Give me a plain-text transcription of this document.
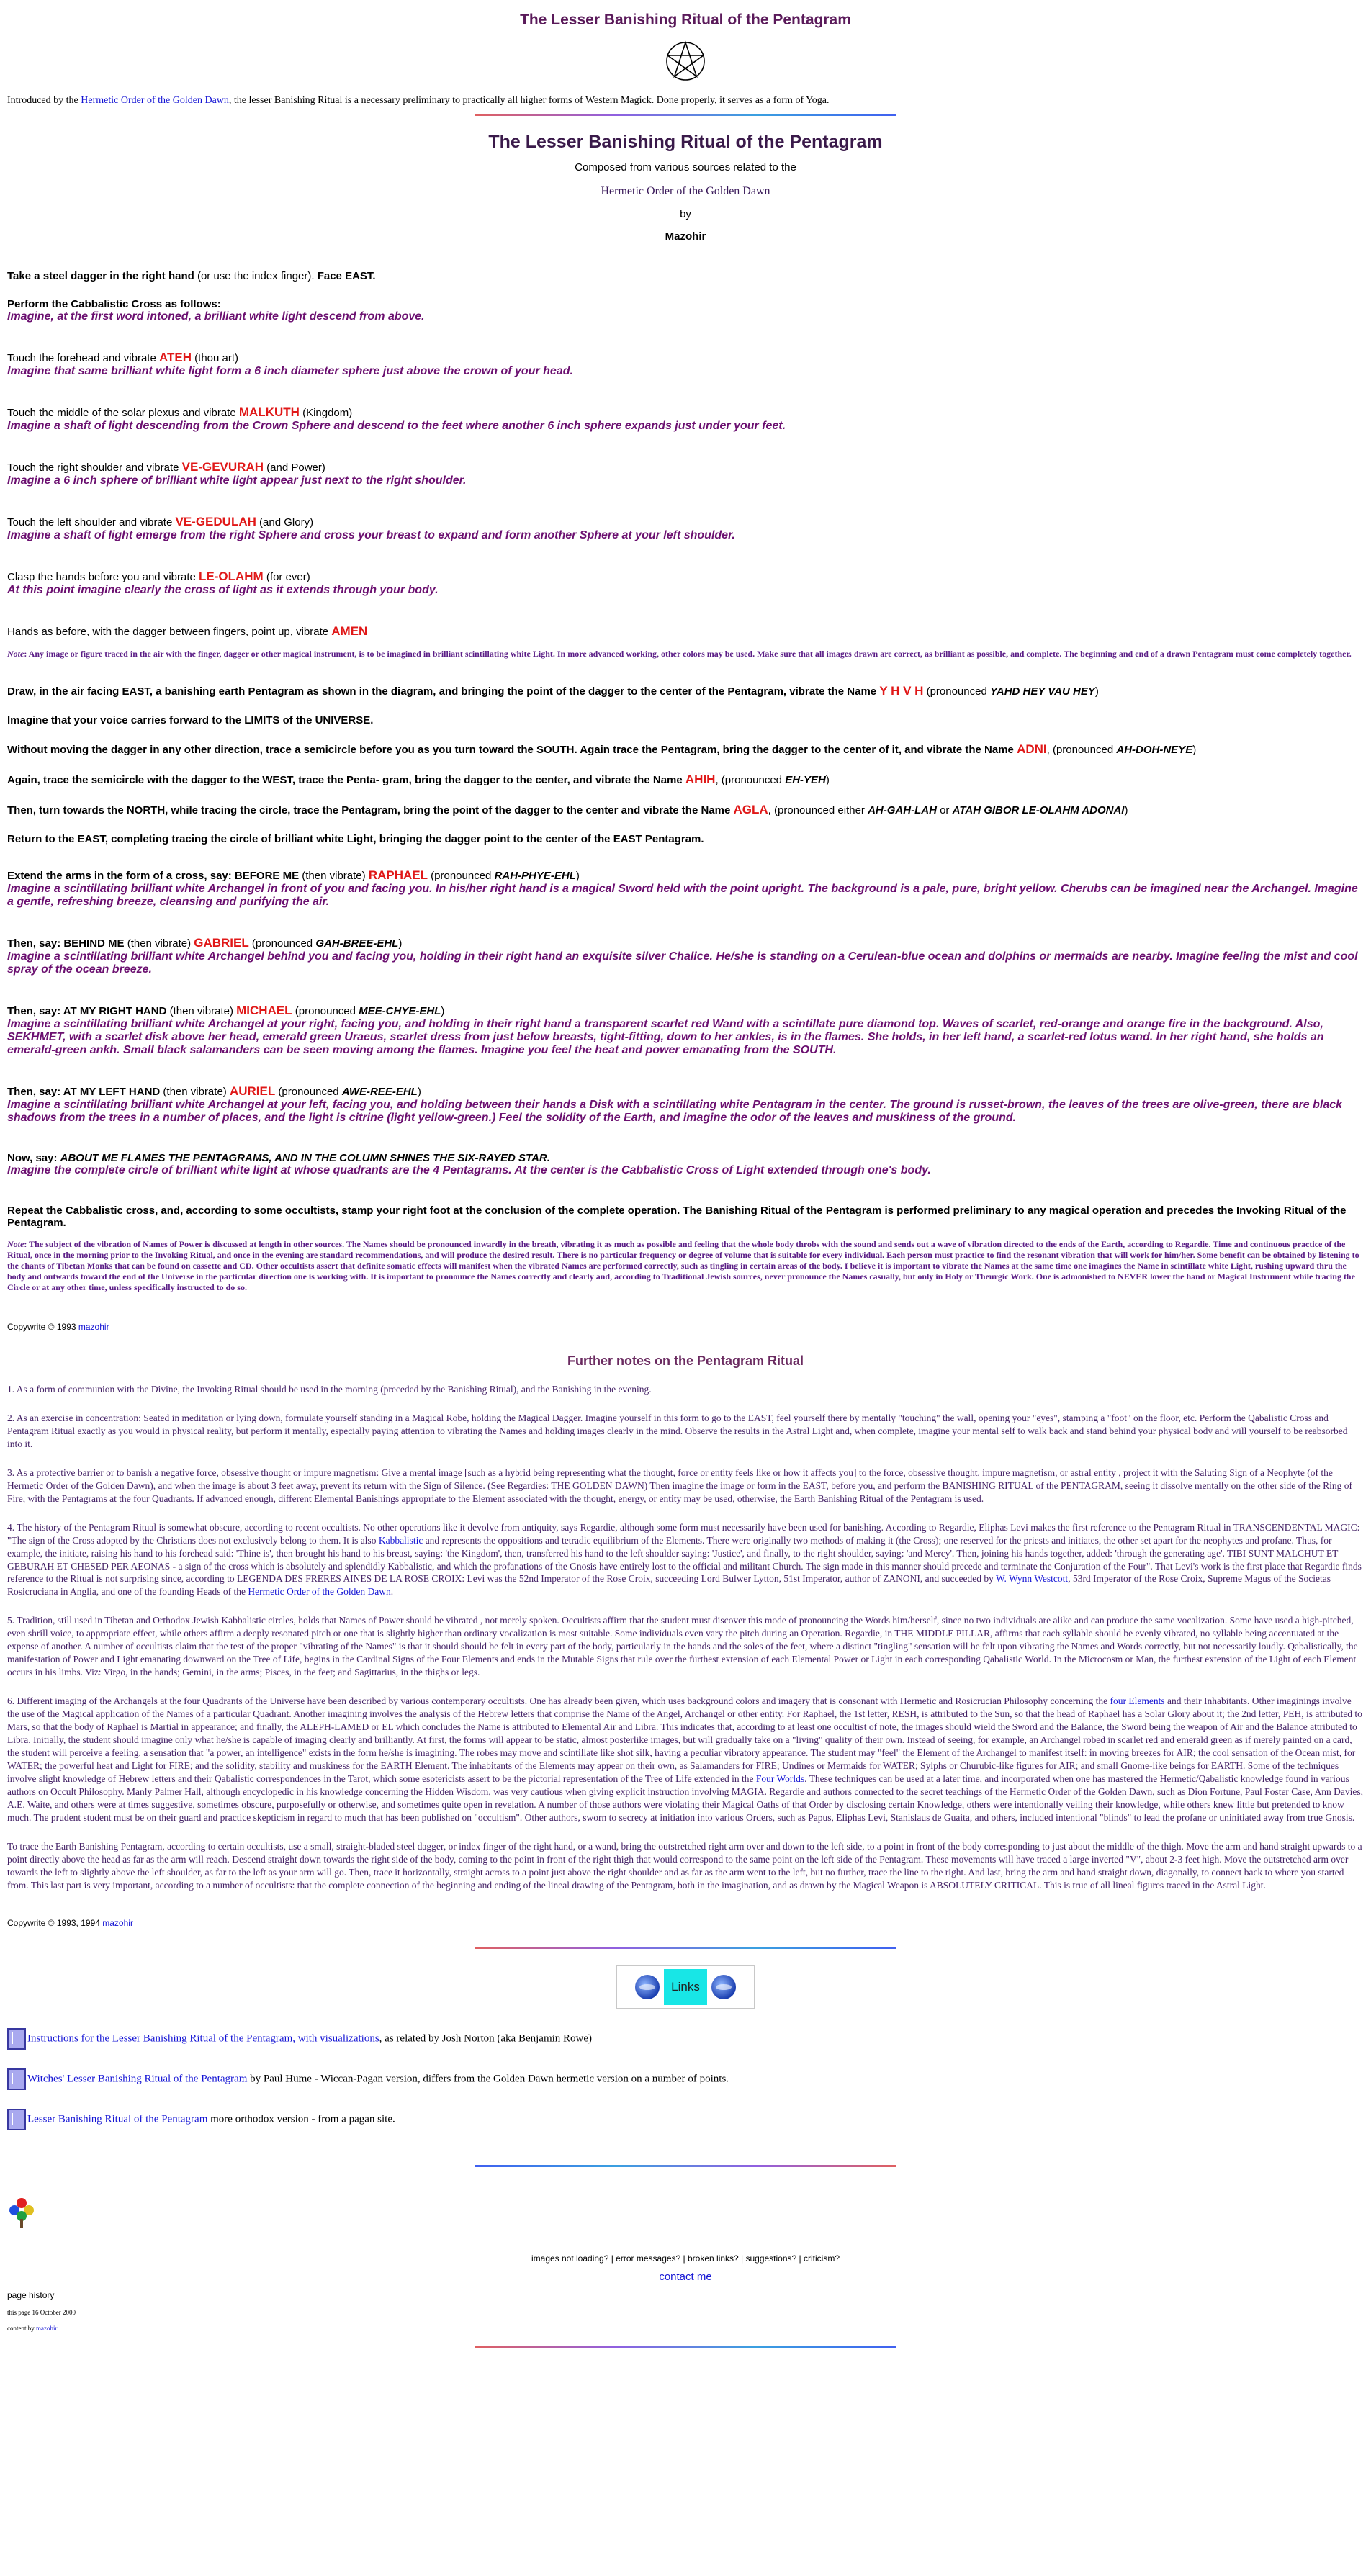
The Lesser Banishing Ritual of the Pentagram
Introduced by the Hermetic Order of the Golden Dawn, the lesser Banishing Ritual is a necessary preliminary to practically all higher forms of Western Magick. Done properly, it serves as a form of Yoga.
The Lesser Banishing Ritual of the Pentagram
Composed from various sources related to the
Hermetic Order of the Golden Dawn
by
Mazohir
Take a steel dagger in the right hand (or use the index finger). Face EAST.
Perform the Cabbalistic Cross as follows:
Imagine, at the first word intoned, a brilliant white light descend from above.
Touch the forehead and vibrate ATEH (thou art)
Imagine that same brilliant white light form a 6 inch diameter sphere just above the crown of your head.
Touch the middle of the solar plexus and vibrate MALKUTH (Kingdom)
Imagine a shaft of light descending from the Crown Sphere and descend to the feet where another 6 inch sphere expands just under your feet.
Touch the right shoulder and vibrate VE-GEVURAH (and Power)
Imagine a 6 inch sphere of brilliant white light appear just next to the right shoulder.
Touch the left shoulder and vibrate VE-GEDULAH (and Glory)
Imagine a shaft of light emerge from the right Sphere and cross your breast to expand and form another Sphere at your left shoulder.
Clasp the hands before you and vibrate LE-OLAHM (for ever)
At this point imagine clearly the cross of light as it extends through your body.
Hands as before, with the dagger between fingers, point up, vibrate AMEN
Note: Any image or figure traced in the air with the finger, dagger or other magical instrument, is to be imagined in brilliant scintillating white Light. In more advanced working, other colors may be used. Make sure that all images drawn are correct, as brilliant as possible, and complete. The beginning and end of a drawn Pentagram must come completely together.
Draw, in the air facing EAST, a banishing earth Pentagram as shown in the diagram, and bringing the point of the dagger to the center of the Pentagram, vibrate the Name Y H V H (pronounced YAHD HEY VAU HEY)
Imagine that your voice carries forward to the LIMITS of the UNIVERSE.
Without moving the dagger in any other direction, trace a semicircle before you as you turn toward the SOUTH. Again trace the Pentagram, bring the dagger to the center of it, and vibrate the Name ADNI, (pronounced AH-DOH-NEYE)
Again, trace the semicircle with the dagger to the WEST, trace the Penta- gram, bring the dagger to the center, and vibrate the Name AHIH, (pronounced EH-YEH)
Then, turn towards the NORTH, while tracing the circle, trace the Pentagram, bring the point of the dagger to the center and vibrate the Name AGLA, (pronounced either AH-GAH-LAH or ATAH GIBOR LE-OLAHM ADONAI)
Return to the EAST, completing tracing the circle of brilliant white Light, bringing the dagger point to the center of the EAST Pentagram.
Extend the arms in the form of a cross, say: BEFORE ME (then vibrate) RAPHAEL (pronounced RAH-PHYE-EHL)
Imagine a scintillating brilliant white Archangel in front of you and facing you. In his/her right hand is a magical Sword held with the point upright. The background is a pale, pure, bright yellow. Cherubs can be imagined near the Archangel. Imagine a gentle, refreshing breeze, cleansing and purifying the air.
Then, say: BEHIND ME (then vibrate) GABRIEL (pronounced GAH-BREE-EHL)
Imagine a scintillating brilliant white Archangel behind you and facing you, holding in their right hand an exquisite silver Chalice. He/she is standing on a Cerulean-blue ocean and dolphins or mermaids are nearby. Imagine feeling the mist and cool spray of the ocean breeze.
Then, say: AT MY RIGHT HAND (then vibrate) MICHAEL (pronounced MEE-CHYE-EHL)
Imagine a scintillating brilliant white Archangel at your right, facing you, and holding in their right hand a transparent scarlet red Wand with a scintillate pure diamond top. Waves of scarlet, red-orange and orange fire in the background. Also, SEKHMET, with a scarlet disk above her head, emerald green Uraeus, scarlet dress from just below breasts, tight-fitting, down to her ankles, is in the flames. She holds, in her left hand, a scarlet-red lotus wand. In her right hand, she holds an emerald-green ankh. Small black salamanders can be seen moving among the flames. Imagine you feel the heat and power emanating from the SOUTH.
Then, say: AT MY LEFT HAND (then vibrate) AURIEL (pronounced AWE-REE-EHL)
Imagine a scintillating brilliant white Archangel at your left, facing you, and holding between their hands a Disk with a scintillating white Pentagram in the center. The ground is russet-brown, the leaves of the trees are olive-green, there are black shadows from the trees in a number of places, and the light is citrine (light yellow-green.) Feel the solidity of the Earth, and imagine the odor of the leaves and muskiness of the ground.
Now, say: ABOUT ME FLAMES THE PENTAGRAMS, AND IN THE COLUMN SHINES THE SIX-RAYED STAR.
Imagine the complete circle of brilliant white light at whose quadrants are the 4 Pentagrams. At the center is the Cabbalistic Cross of Light extended through one's body.
Repeat the Cabbalistic cross, and, according to some occultists, stamp your right foot at the conclusion of the complete operation. The Banishing Ritual of the Pentagram is performed preliminary to any magical operation and precedes the Invoking Ritual of the Pentagram.
Note: The subject of the vibration of Names of Power is discussed at length in other sources. The Names should be pronounced inwardly in the breath, vibrating it as much as possible and feeling that the whole body throbs with the sound and sends out a wave of vibration directed to the ends of the Earth, according to Regardie. Time and continuous practice of the Ritual, once in the morning prior to the Invoking Ritual, and once in the evening are standard recommendations, and will produce the desired result. There is no particular frequency or degree of volume that is suitable for every individual. Each person must practice to find the resonant vibration that will work for him/her. Some benefit can be obtained by listening to the chants of Tibetan Monks that can be found on cassette and CD. Other occultists assert that definite somatic effects will manifest when the vibrated Names are performed correctly, such as tingling in certain areas of the body. I believe it is important to vibrate the Names at the same time one imagines the Name in scintillate white Light, rushing upward thru the body and outwards toward the end of the Universe in the particular direction one is working with. It is important to pronounce the Names correctly and clearly and, according to Traditional Jewish sources, never pronounce the Names casually, but only in Holy or Theurgic Work. One is admonished to NEVER lower the hand or Magical Instrument while tracing the Circle or at any other time, unless specifically instructed to do so.
Copywrite © 1993 mazohir
Further notes on the Pentagram Ritual
1. As a form of communion with the Divine, the Invoking Ritual should be used in the morning (preceded by the Banishing Ritual), and the Banishing in the evening.
2. As an exercise in concentration: Seated in meditation or lying down, formulate yourself standing in a Magical Robe, holding the Magical Dagger. Imagine yourself in this form to go to the EAST, feel yourself there by mentally "touching" the wall, opening your "eyes", stamping a "foot" on the floor, etc. Perform the Qabalistic Cross and Pentagram Ritual exactly as you would in physical reality, but perform it mentally, especially paying attention to vibrating the Names and holding images clearly in the mind. Observe the results in the Astral Light and, when complete, imagine your mental self to walk back and stand behind your physical body and will yourself to be reabsorbed into it.
3. As a protective barrier or to banish a negative force, obsessive thought or impure magnetism: Give a mental image [such as a hybrid being representing what the thought, force or entity feels like or how it affects you] to the force, obsessive thought, impure magnetism, or astral entity , project it with the Saluting Sign of a Neophyte (of the Hermetic Order of the Golden Dawn), and when the image is about 3 feet away, prevent its return with the Sign of Silence. (See Regardies: THE GOLDEN DAWN) Then imagine the image or form in the EAST, before you, and perform the BANISHING RITUAL of the PENTAGRAM, seeing it dissolve mentally on the other side of the Ring of Fire, with the Pentagrams at the four Quadrants. If advanced enough, different Elemental Banishings appropriate to the Element associated with the thought, energy, or entity may be used, otherwise, the Earth Banishing Ritual of the Pentagram is used.
4. The history of the Pentagram Ritual is somewhat obscure, according to recent occultists. No other operations like it devolve from antiquity, says Regardie, although some form must necessarily have been used for banishing. According to Regardie, Eliphas Levi makes the first reference to the Pentagram Ritual in TRANSCENDENTAL MAGIC: "The sign of the Cross adopted by the Christians does not exclusively belong to them. It is also Kabbalistic and represents the oppositions and tetradic equilibrium of the Elements. There were originally two methods of making it (the Cross); one reserved for the priests and initiates, the other set apart for the neophytes and profane. Thus, for example, the initiate, raising his hand to his forehead said: 'Thine is', then brought his hand to his breast, saying: 'the Kingdom', then, transferred his hand to the left shoulder saying: 'Justice', and finally, to the right shoulder, saying: 'and Mercy'. Then, joining his hands together, added: 'through the generating age'. TIBI SUNT MALCHUT ET GEBURAH ET CHESED PER AEONAS - a sign of the cross which is absolutely and splendidly Kabbalistic, and which the profanations of the Gnosis have entirely lost to the official and militant Church. The sign made in this manner should precede and terminate the Conjuration of the Four". That Levi's work is the first place that Regardie finds reference to the Ritual is not surprising since, according to LEGENDA DES FRERES AINES DE LA ROSE CROIX: Levi was the 52nd Imperator of the Rose Croix, succeeding Lord Bulwer Lytton, 51st Imperator, author of ZANONI, and succeeded by W. Wynn Westcott, 53rd Imperator of the Rose Croix, Supreme Magus of the Societas Rosicruciana in Anglia, and one of the founding Heads of the Hermetic Order of the Golden Dawn.
5. Tradition, still used in Tibetan and Orthodox Jewish Kabbalistic circles, holds that Names of Power should be vibrated , not merely spoken. Occultists affirm that the student must discover this mode of pronouncing the Words him/herself, since no two individuals are alike and can produce the same vocalization. Some have used a high-pitched, even shrill voice, to appropriate effect, while others affirm a deeply resonated pitch or one that is slightly higher than ordinary vocalization is most suitable. Some individuals even vary the pitch during an Operation. Regardie, in THE MIDDLE PILLAR, affirms that each syllable should be evenly vibrated, no syllable being accentuated at the expense of another. A number of occultists claim that the test of the proper "vibrating of the Names" is that it should should be felt in every part of the body, particularly in the hands and the soles of the feet, where a distinct "tingling" sensation will be felt upon vibrating the Names and Words correctly, but not necessarily loudly. Qabalistically, the manifestation of Power and Light emanating downward on the Tree of Life, begins in the Cardinal Signs of the Four Elements and ends in the Mutable Signs that rule over the furthest extension of each Elemental Power or Light in each corresponding Qabalistic World. In the Microcosm or Man, the furthest extension of the Light of each Element occurs in his limbs. Viz: Virgo, in the hands; Gemini, in the arms; Pisces, in the feet; and Sagittarius, in the thighs or legs.
6. Different imaging of the Archangels at the four Quadrants of the Universe have been described by various contemporary occultists. One has already been given, which uses background colors and imagery that is consonant with Hermetic and Rosicrucian Philosophy concerning the four Elements and their Inhabitants. Other imaginings involve the use of the Magical application of the Names of a particular Quadrant. Another imagining involves the analysis of the Hebrew letters that comprise the Name of the Angel, Archangel or other entity. For Raphael, the 1st letter, RESH, is attributed to the Sun, so that the head of Raphael has a Solar Glory about it; the 2nd letter, PEH, is attributed to Mars, so that the body of Raphael is Martial in appearance; and finally, the ALEPH-LAMED or EL which concludes the Name is attributed to Elemental Air and Libra. This indicates that, according to at least one occultist of note, the images should wield the Sword and the Balance, the Sword being the weapon of Air and the Balance attributed to Libra. Initially, the student should imagine only what he/she is capable of imaging clearly and brilliantly. At first, the forms will appear to be static, almost posterlike images, but will gradually take on a "living" quality of their own. Instead of seeing, for example, an Archangel robed in scarlet red and emerald green as if merely painted on a card, the student will perceive a feeling, a sensation that "a power, an intelligence" exists in the form he/she is imagining. The robes may move and scintillate like shot silk, having a peculiar vibratory appearance. The student may "feel" the Element of the Archangel to manifest itself: in moving breezes for AIR; the cool sensation of the Ocean mist, for WATER; the powerful heat and Light for FIRE; and the solidity, stability and muskiness for the EARTH Element. The inhabitants of the Elements may appear on their own, as Salamanders for FIRE; Undines or Mermaids for WATER; Sylphs or Churubic-like figures for AIR; and small Gnome-like beings for EARTH. Some of the techniques involve slight knowledge of Hebrew letters and their Qabalistic correspondences in the Tarot, which some esotericists assert to be the pictorial representation of the Tree of Life extended in the Four Worlds. These techniques can be used at a later time, and incorporated when one has mastered the Hermetic/Qabalistic knowledge found in various authors on Occult Philosophy. Manly Palmer Hall, although encyclopedic in his knowledge concerning the Hidden Wisdom, was very cautious when giving explicit instruction involving MAGIA. Regardie and authors connected to the secret teachings of the Hermetic Order of the Golden Dawn, such as Dion Fortune, Paul Foster Case, Ann Davies, A.E. Waite, and others were at times suggestive, sometimes obscure, purposefully or otherwise, and sometimes quite open in revelation. A number of those authors were violating their Magical Oaths of that Order by disclosing certain Knowledge, others were intentionally veiling their knowledge, while others knew little but pretended to know much. The prudent student must be on their guard and practice skepticism in regard to much that has been published on "occultism". Other authors, sworn to secrecy at initiation into various Orders, such as Papus, Eliphas Levi, Stanislaus de Guaita, and others, included intentional "blinds" to lead the profane or uninitiated away from true Gnosis.
To trace the Earth Banishing Pentagram, according to certain occultists, use a small, straight-bladed steel dagger, or index finger of the right hand, or a wand, bring the outstretched right arm over and down to the left side, to a point in front of the body corresponding to just about the middle of the thigh. Move the arm and hand straight upwards to a point directly above the head as far as the arm will reach. Descend straight down towards the right side of the body, coming to the point in front of the right thigh that would correspond to the same point on the left side of the Pentagram. These movements will have traced a large inverted "V", about 2-3 feet high. Move the outstretched arm over towards the left to slightly above the left shoulder, as far to the left as your arm will go. Then, trace it horizontally, straight across to a point just above the right shoulder and as far as the arm went to the left, but no further, trace the line to the right. And last, bring the arm and hand straight down, diagonally, to connect back to where you started from. This last part is very important, according to a number of occultists: that the complete connection of the beginning and ending of the lineal drawing of the Pentagram, both in the imagination, and as drawn by the Magical Weapon is ABSOLUTELY CRITICAL. This is true of all lineal figures traced in the Astral Light.
Copywrite © 1993, 1994 mazohir
Links
Instructions for the Lesser Banishing Ritual of the Pentagram, with visualizations, as related by Josh Norton (aka Benjamin Rowe)
Witches' Lesser Banishing Ritual of the Pentagram by Paul Hume - Wiccan-Pagan version, differs from the Golden Dawn hermetic version on a number of points.
Lesser Banishing Ritual of the Pentagram more orthodox version - from a pagan site.
images not loading? | error messages? | broken links? | suggestions? | criticism?
contact me
page history
this page 16 October 2000
content by mazohir
